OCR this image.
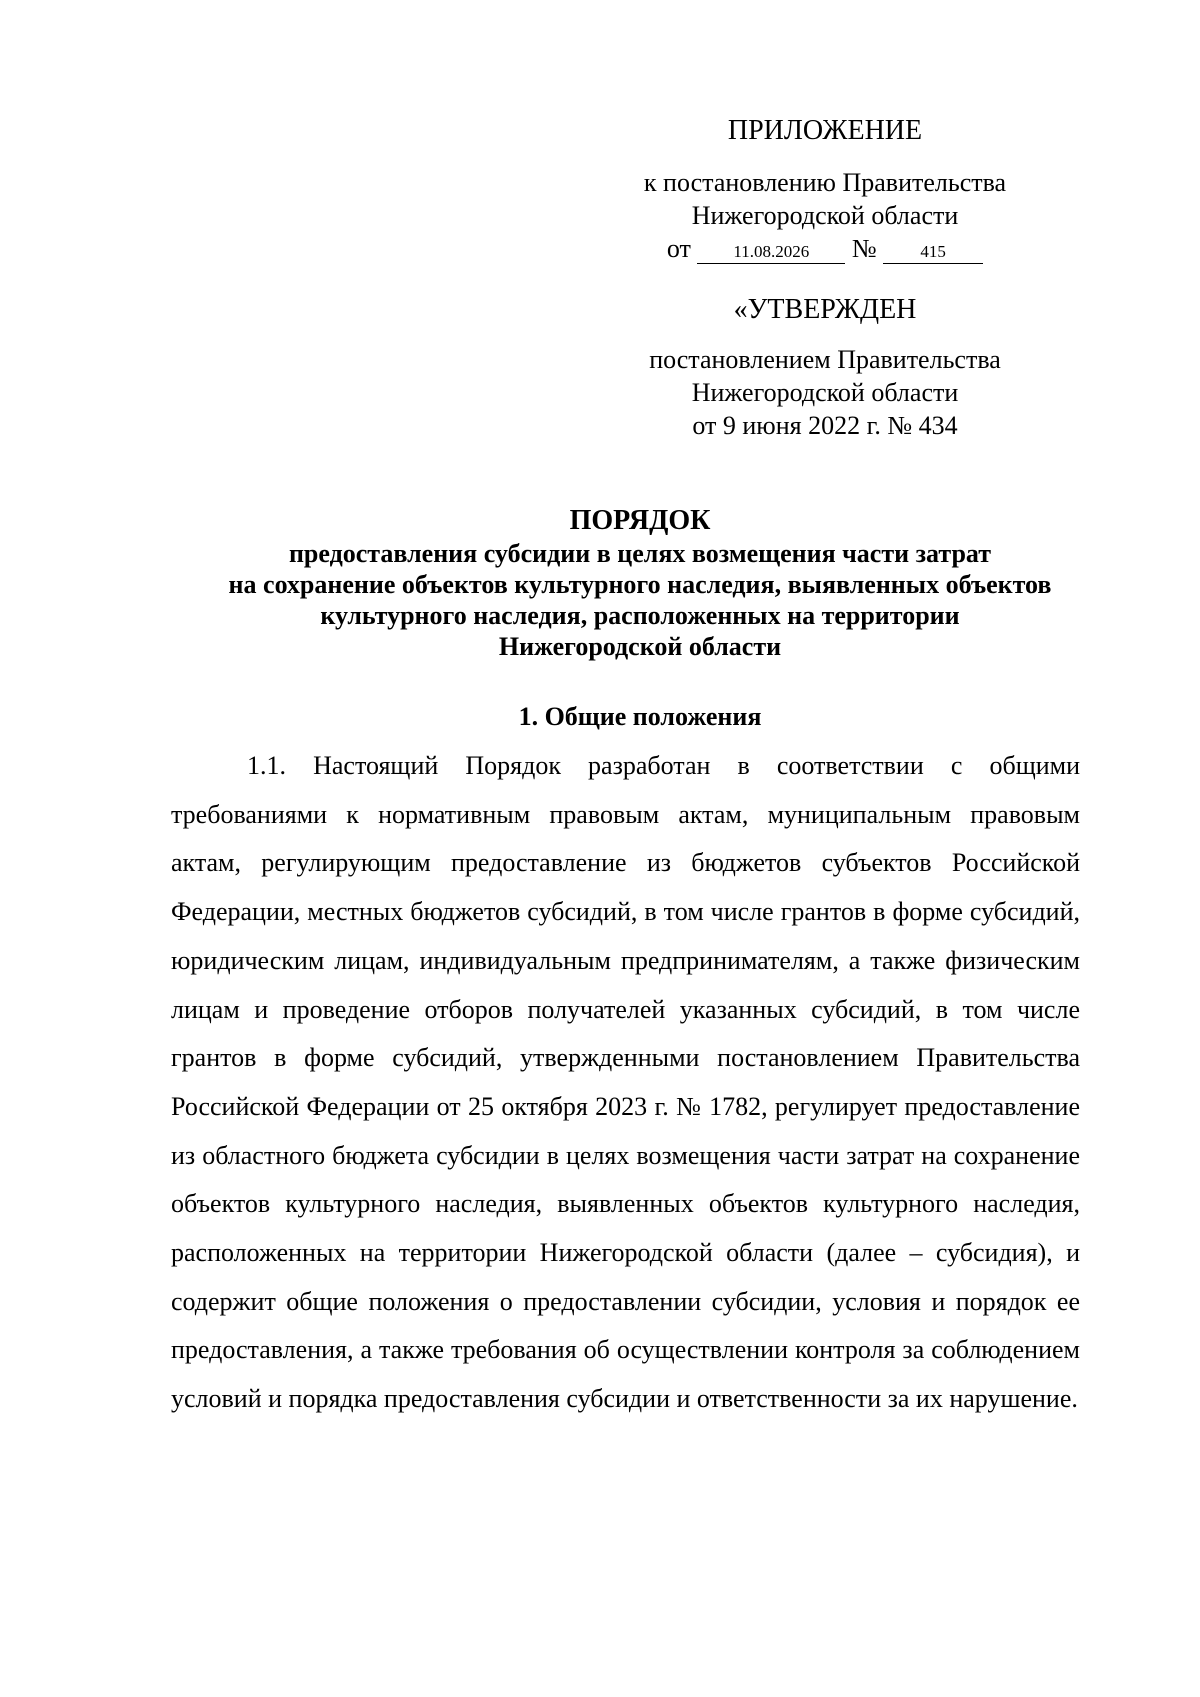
ПРИЛОЖЕНИЕ
к постановлению Правительства
Нижегородской области
от	11.08.2026 №	415
«УТВЕРЖДЕН
постановлением Правительства
Нижегородской области
от 9 июня 2022 г. № 434
ПОРЯДОК
предоставления субсидии в целях возмещения части затрат
на сохранение объектов культурного наследия, выявленных объектов
культурного наследия, расположенных на территории
Нижегородской области
1. Общие положения

1.1. Настоящий Порядок разработан в соответствии с общими требованиями к нормативным правовым актам, муниципальным правовым актам, регулирующим предоставление из бюджетов субъектов Российской Федерации, местных бюджетов субсидий, в том числе грантов в форме субсидий, юридическим лицам, индивидуальным предпринимателям, а также физическим лицам и проведение отборов получателей указанных субсидий, в том числе грантов в форме субсидий, утвержденными постановлением Правительства Российской Федерации от 25 октября 2023 г. № 1782, регулирует предоставление из областного бюджета субсидии в целях возмещения части затрат на сохранение объектов культурного наследия, выявленных объектов культурного наследия, расположенных на территории Нижегородской области (далее – субсидия), и содержит общие положения о предоставлении субсидии, условия и порядок ее предоставления, а также требования об осуществлении контроля за соблюдением условий и порядка предоставления субсидии и ответственности за их нарушение.
